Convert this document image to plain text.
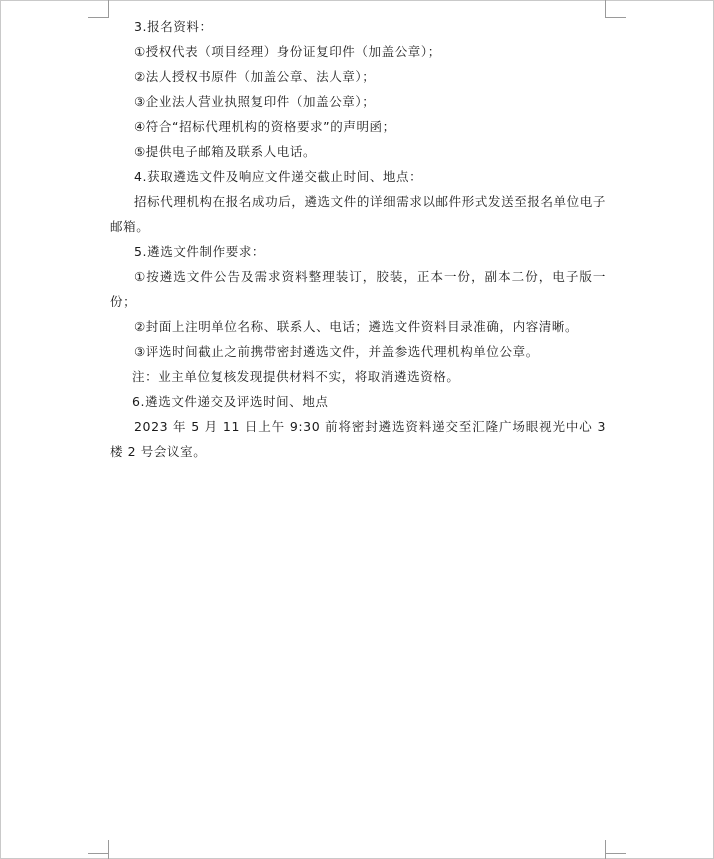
3.报名资料：
①授权代表（项目经理）身份证复印件（加盖公章）；
②法人授权书原件（加盖公章、法人章）；
③企业法人营业执照复印件（加盖公章）；
④符合“招标代理机构的资格要求”的声明函；
⑤提供电子邮箱及联系人电话。
4.获取遴选文件及响应文件递交截止时间、地点：
招标代理机构在报名成功后，遴选文件的详细需求以邮件形式发送至报名单位电子邮箱。
5.遴选文件制作要求：
①按遴选文件公告及需求资料整理装订，胶装，正本一份，副本二份，电子版一份；
②封面上注明单位名称、联系人、电话；遴选文件资料目录准确，内容清晰。
③评选时间截止之前携带密封遴选文件，并盖参选代理机构单位公章。
注：业主单位复核发现提供材料不实，将取消遴选资格。
6.遴选文件递交及评选时间、地点
2023 年 5 月 11 日上午 9:30 前将密封遴选资料递交至汇隆广场眼视光中心 3 楼 2 号会议室。
